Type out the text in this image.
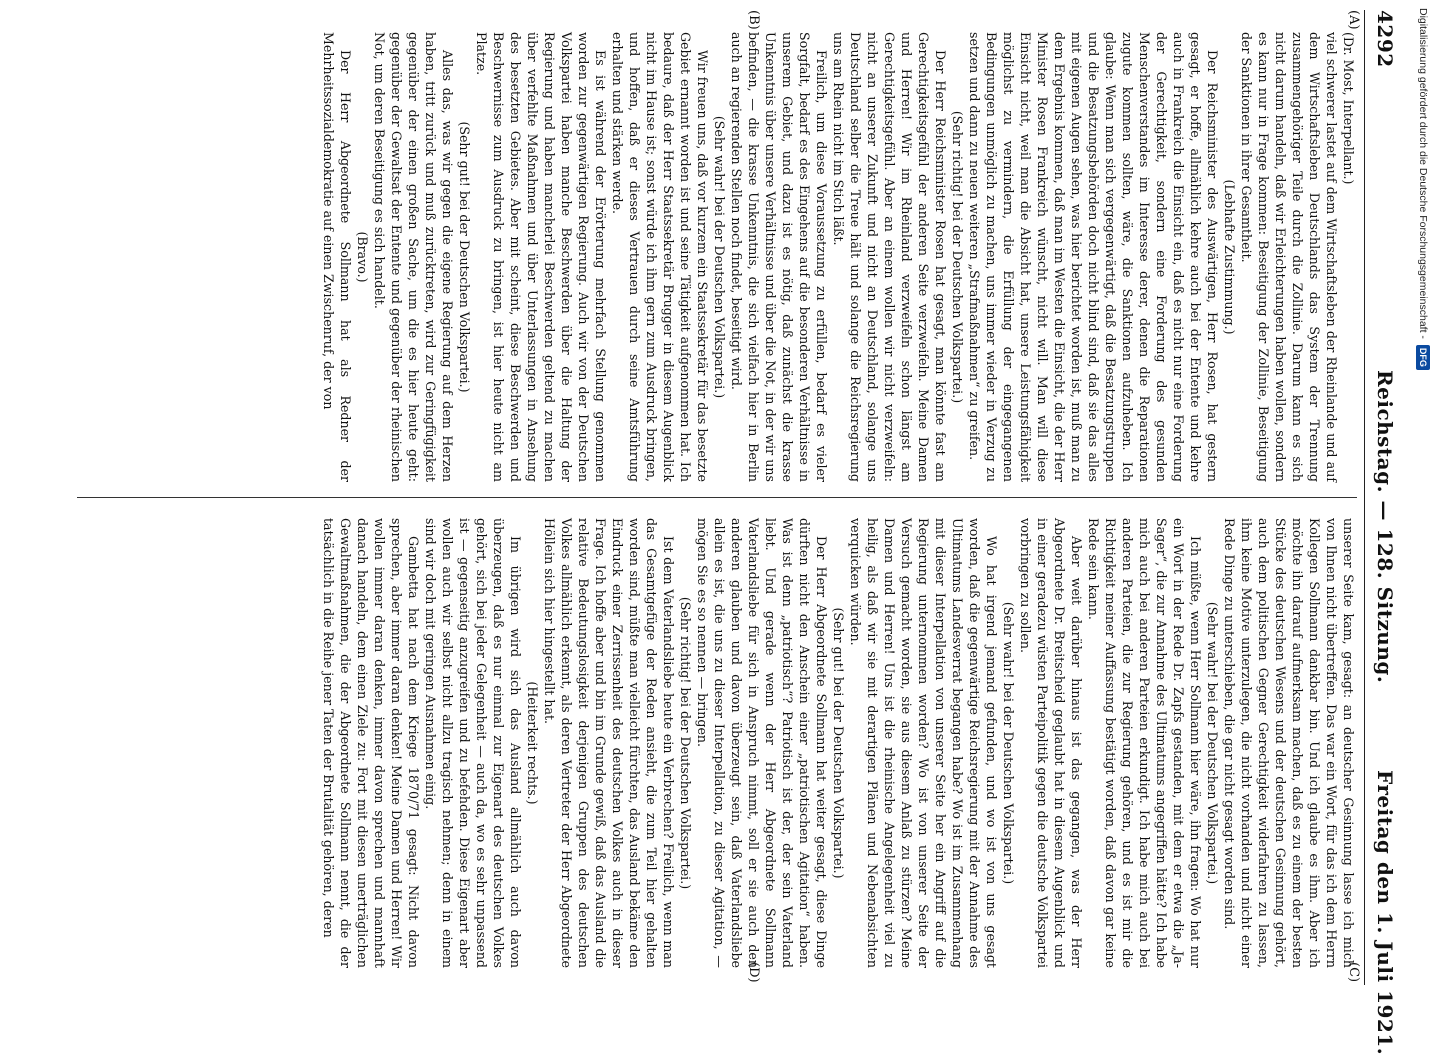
4292
Reichstag. — 128. Sitzung.
Freitag den 1. Juli 1921.

(Dr. Most, Interpellant.)

viel schwerer lastet auf dem Wirtschaftsleben der Rheinlande und auf dem Wirtschaftsleben Deutschlands das System der Trennung zusammengehöriger Teile durch die Zollinie. Darum kann es sich nicht darum handeln, daß wir Erleichterungen haben wollen, sondern es kann nur in Frage kommen: Beseitigung der Zollinie, Beseitigung der Sanktionen in ihrer Gesamtheit.

(Lebhafte Zustimmung.)

Der Reichsminister des Auswärtigen, Herr Rosen, hat gestern gesagt, er hoffe, allmählich kehre auch bei der Entente und kehre auch in Frankreich die Einsicht ein, daß es nicht nur eine Forderung der Gerechtigkeit, sondern eine Forderung des gesunden Menschenverstandes im Interesse derer, denen die Reparationen zugute kommen sollten, wäre, die Sanktionen aufzuheben. Ich glaube: Wenn man sich vergegenwärtigt, daß die Besatzungstruppen und die Besatzungsbehörden doch nicht blind sind, daß sie das alles mit eigenen Augen sehen, was hier berichtet worden ist, muß man zu dem Ergebnis kommen, daß man im Westen die Einsicht, die der Herr Minister Rosen Frankreich wünscht, nicht will. Man will diese Einsicht nicht, weil man die Absicht hat, unsere Leistungsfähigkeit möglichst zu vermindern, die Erfüllung der eingegangenen Bedingungen unmöglich zu machen, uns immer wieder in Verzug zu setzen und dann zu neuen weiteren „Strafmaßnahmen“ zu greifen.

(Sehr richtig! bei der Deutschen Volkspartei.)

Der Herr Reichsminister Rosen hat gesagt, man könnte fast am Gerechtigkeitsgefühl der anderen Seite verzweifeln. Meine Damen und Herren! Wir im Rheinland verzweifeln schon längst am Gerechtigkeitsgefühl. Aber an einem wollen wir nicht verzweifeln: nicht an unserer Zukunft und nicht an Deutschland, solange uns Deutschland selber die Treue hält und solange die Reichsregierung uns am Rhein nicht im Stich läßt.

Freilich, um diese Voraussetzung zu erfüllen, bedarf es vieler Sorgfalt, bedarf es des Eingehens auf die besonderen Verhältnisse in unserem Gebiet, und dazu ist es nötig, daß zunächst die krasse Unkenntnis über unsere Verhältnisse und über die Not, in der wir uns befinden, — die krasse Unkenntnis, die sich vielfach hier in Berlin auch an regierenden Stellen noch findet, beseitigt wird.

(Sehr wahr! bei der Deutschen Volkspartei.)

Wir freuen uns, daß vor kurzem ein Staatssekretär für das besetzte Gebiet ernannt worden ist und seine Tätigkeit aufgenommen hat. Ich bedaure, daß der Herr Staatssekretär Brugger in diesem Augenblick nicht im Hause ist; sonst würde ich ihm gern zum Ausdruck bringen, und hoffen, daß er dieses Vertrauen durch seine Amtsführung erhalten und stärken werde.

Es ist während der Erörterung mehrfach Stellung genommen worden zur gegenwärtigen Regierung. Auch wir von der Deutschen Volkspartei haben manche Beschwerden über die Haltung der Regierung und haben mancherlei Beschwerden geltend zu machen über verfehlte Maßnahmen und über Unterlassungen in Ansehung des besetzten Gebietes. Aber mit scheint, diese Beschwerden und Beschwernisse zum Ausdruck zu bringen, ist hier heute nicht am Platze.

(Sehr gut! bei der Deutschen Volkspartei.)

Alles das, was wir gegen die eigene Regierung auf dem Herzen haben, tritt zurück und muß zurücktreten, wird zur Geringfügigkeit gegenüber der einen großen Sache, um die es hier heute geht: gegenüber der Gewaltsat der Entente und gegenüber der rheinischen Not, um deren Beseitigung es sich handelt.

(Bravo.)

Der Herr Abgeordnete Sollmann hat als Redner der Mehrheitssozialdemokratie auf einen Zwischenruf, der von

unserer Seite kam, gesagt: an deutscher Gesinnung lasse ich mich von Ihnen nicht übertreffen. Das war ein Wort, für das ich dem Herrn Kollegen Sollmann dankbar bin. Und ich glaube es ihm. Aber ich möchte ihn darauf aufmerksam machen, daß es zu einem der besten Stücke des deutschen Wesens und der deutschen Gesinnung gehört, auch dem politischen Gegner Gerechtigkeit widerfahren zu lassen, ihm keine Motive unterzulegen, die nicht vorhanden und nicht einer Rede Dinge zu unterschieben, die gar nicht gesagt worden sind.

(Sehr wahr! bei der Deutschen Volkspartei.)

Ich müßte, wenn Herr Sollmann hier wäre, ihn fragen: Wo hat nur ein Wort in der Rede Dr. Zapfs gestanden, mit dem er etwa die „Ja-Sager“, die zur Annahme des Ultimatums angegriffen hätte? Ich habe mich auch bei anderen Parteien erkundigt. Ich habe mich auch bei anderen Parteien, die zur Regierung gehören, und es ist mir die Richtigkeit meiner Auffassung bestätigt worden, daß davon gar keine Rede sein kann.

Aber weit darüber hinaus ist das gegangen, was der Herr Abgeordnete Dr. Breitscheid geglaubt hat in diesem Augenblick und in einer geradezu wüsten Parteipolitik gegen die deutsche Volkspartei vorbringen zu sollen.

(Sehr wahr! bei der Deutschen Volkspartei.)

Wo hat irgend jemand gefunden, und wo ist von uns gesagt worden, daß die gegenwärtige Reichsregierung mit der Annahme des Ultimatums Landesverrat begangen habe? Wo ist im Zusammenhang mit dieser Interpellation von unserer Seite her ein Angriff auf die Regierung unternommen worden? Wo ist von unserer Seite der Versuch gemacht worden, sie aus diesem Anlaß zu stürzen? Meine Damen und Herren! Uns ist die rheinische Angelegenheit viel zu heilig, als daß wir sie mit derartigen Plänen und Nebenabsichten verquicken würden.

(Sehr gut! bei der Deutschen Volkspartei.)

Der Herr Abgeordnete Sollmann hat weiter gesagt, diese Dinge dürften nicht den Anschein einer „patriotischen Agitation“ haben. Was ist denn „patriotisch“? Patriotisch ist der, der sein Vaterland liebt. Und gerade wenn der Herr Abgeordnete Sollmann Vaterlandsliebe für sich in Anspruch nimmt, soll er sie auch den anderen glauben und davon überzeugt sein, daß Vaterlandsliebe allein es ist, die uns zu dieser Interpellation, zu dieser Agitation, — mögen Sie es so nennen — bringen.

(Sehr richtig! bei der Deutschen Volkspartei.)

Ist dem Vaterlandsliebe heute ein Verbrechen? Freilich, wenn man das Gesamtgefüge der Reden ansieht, die zum Teil hier gehalten worden sind, müßte man vielleicht fürchten, das Ausland bekäme den Eindruck einer Zerrissenheit des deutschen Volkes auch in dieser Frage. Ich hoffe aber und bin im Grunde gewiß, daß das Ausland die relative Bedeutungslosigkeit derjenigen Gruppen des deutschen Volkes allmählich erkennt, als deren Vertreter der Herr Abgeordnete Höllein sich hier hingestellt hat.

(Heiterkeit rechts.)

Im übrigen wird sich das Ausland allmählich auch davon überzeugen, daß es nur einmal zur Eigenart des deutschen Volkes gehört, sich bei jeder Gelegenheit — auch da, wo es sehr unpassend ist — gegenseitig anzugreifen und zu befehden. Diese Eigenart aber wollen auch wir selbst nicht allzu tragisch nehmen; denn in einem sind wir doch mit geringen Ausnahmen einig.

Gambetta hat nach dem Kriege 1870/71 gesagt: Nicht davon sprechen, aber immer daran denken! Meine Damen und Herren! Wir wollen immer daran denken, immer davon sprechen und mannhaft danach handeln, dem einen Ziele zu: Fort mit diesen unerträglichen Gewaltmaßnahmen, die der Abgeordnete Sollmann nennt, die der tatsächlich in die Reihe jener Taten der Brutalität gehören, deren

(A)
(B)
(C)
(D)
Digitalisierung gefördert durch die Deutsche Forschungsgemeinschaft -DFG
